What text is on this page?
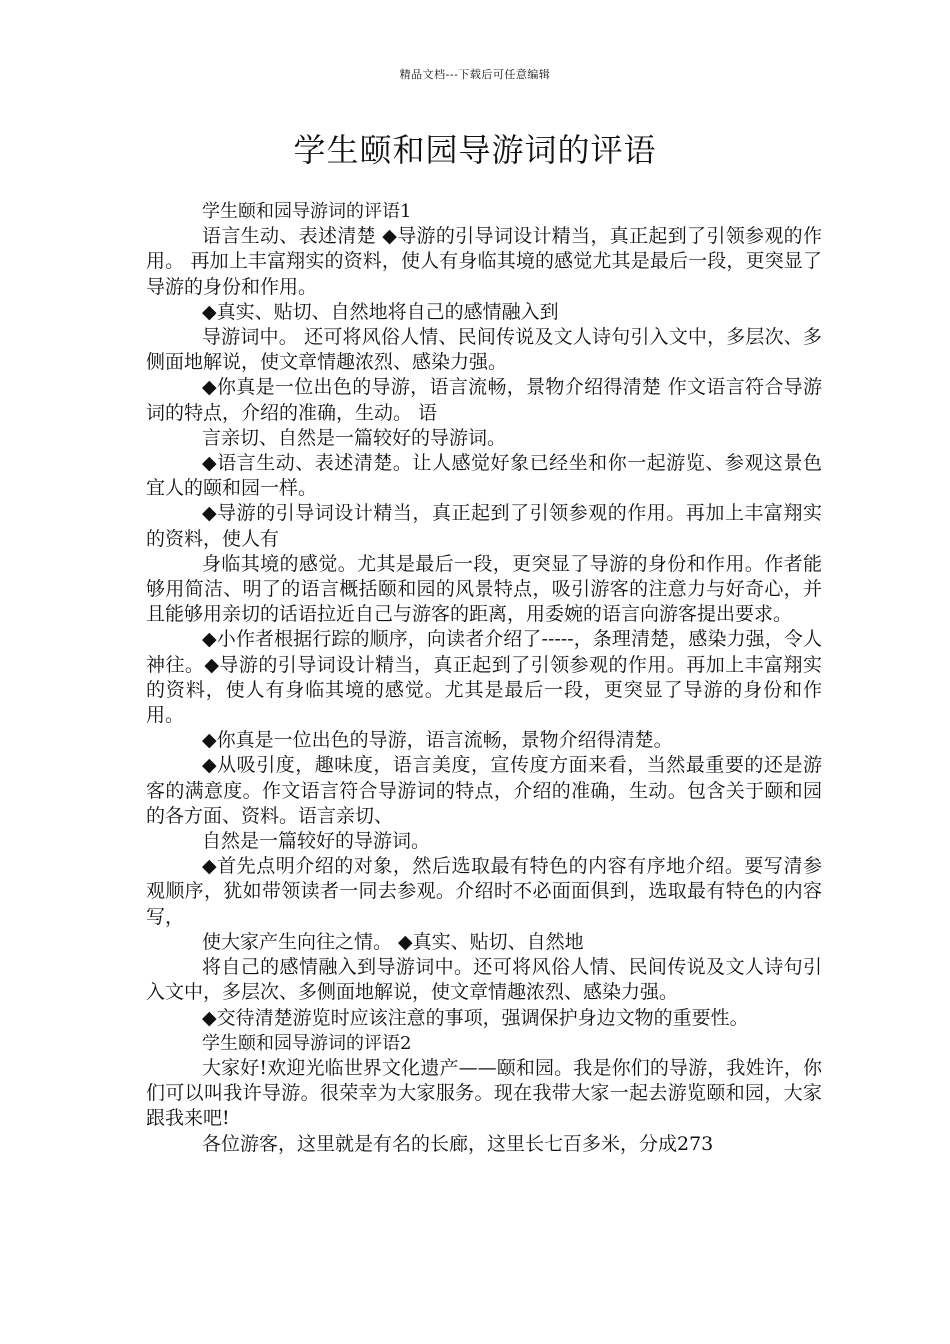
精品文档---下载后可任意编辑
学生颐和园导游词的评语

学生颐和园导游词的评语1

语言生动、表述清楚 ◆导游的引导词设计精当，真正起到了引领参观的作用。 再加上丰富翔实的资料，使人有身临其境的感觉尤其是最后一段，更突显了导游的身份和作用。

◆真实、贴切、自然地将自己的感情融入到

导游词中。 还可将风俗人情、民间传说及文人诗句引入文中，多层次、多侧面地解说，使文章情趣浓烈、感染力强。

◆你真是一位出色的导游，语言流畅，景物介绍得清楚 作文语言符合导游词的特点，介绍的准确，生动。 语

言亲切、自然是一篇较好的导游词。

◆语言生动、表述清楚。让人感觉好象已经坐和你一起游览、参观这景色宜人的颐和园一样。

◆导游的引导词设计精当，真正起到了引领参观的作用。再加上丰富翔实的资料，使人有

身临其境的感觉。尤其是最后一段，更突显了导游的身份和作用。作者能够用简洁、明了的语言概括颐和园的风景特点，吸引游客的注意力与好奇心，并且能够用亲切的话语拉近自己与游客的距离，用委婉的语言向游客提出要求。

◆小作者根据行踪的顺序，向读者介绍了-----，条理清楚，感染力强，令人神往。◆导游的引导词设计精当，真正起到了引领参观的作用。再加上丰富翔实的资料，使人有身临其境的感觉。尤其是最后一段，更突显了导游的身份和作用。

◆你真是一位出色的导游，语言流畅，景物介绍得清楚。

◆从吸引度，趣味度，语言美度，宣传度方面来看，当然最重要的还是游客的满意度。作文语言符合导游词的特点，介绍的准确，生动。包含关于颐和园的各方面、资料。语言亲切、

自然是一篇较好的导游词。

◆首先点明介绍的对象，然后选取最有特色的内容有序地介绍。要写清参观顺序，犹如带领读者一同去参观。介绍时不必面面俱到，选取最有特色的内容写，

使大家产生向往之情。 ◆真实、贴切、自然地

将自己的感情融入到导游词中。还可将风俗人情、民间传说及文人诗句引入文中，多层次、多侧面地解说，使文章情趣浓烈、感染力强。

◆交待清楚游览时应该注意的事项，强调保护身边文物的重要性。

学生颐和园导游词的评语2

大家好!欢迎光临世界文化遗产——颐和园。我是你们的导游，我姓许，你们可以叫我许导游。很荣幸为大家服务。现在我带大家一起去游览颐和园，大家跟我来吧!

各位游客，这里就是有名的长廊，这里长七百多米，分成273
